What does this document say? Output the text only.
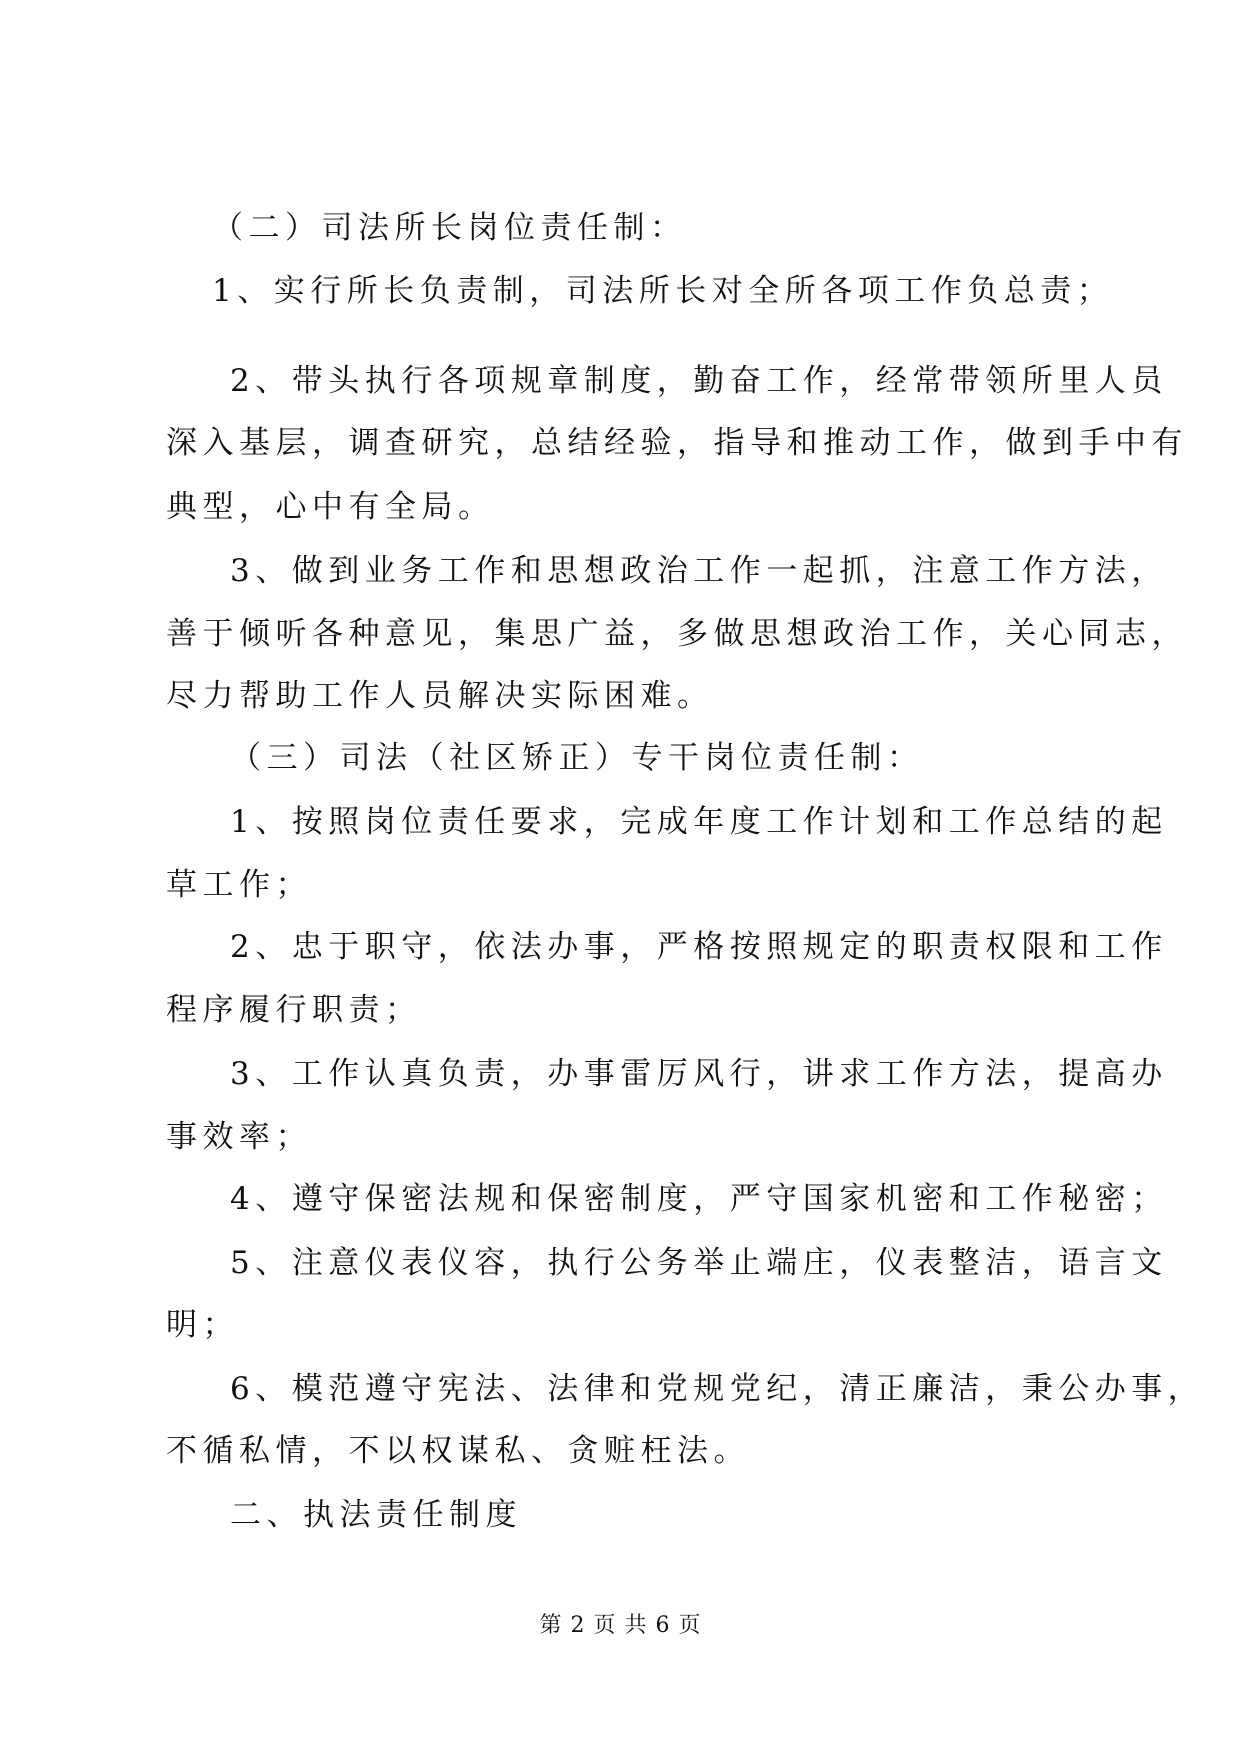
（二）司法所长岗位责任制：
1、实行所长负责制，司法所长对全所各项工作负总责；
2、带头执行各项规章制度，勤奋工作，经常带领所里人员
深入基层，调查研究，总结经验，指导和推动工作，做到手中有
典型，心中有全局。
3、做到业务工作和思想政治工作一起抓，注意工作方法，
善于倾听各种意见，集思广益，多做思想政治工作，关心同志，
尽力帮助工作人员解决实际困难。
（三）司法（社区矫正）专干岗位责任制：
1、按照岗位责任要求，完成年度工作计划和工作总结的起
草工作；
2、忠于职守，依法办事，严格按照规定的职责权限和工作
程序履行职责；
3、工作认真负责，办事雷厉风行，讲求工作方法，提高办
事效率；
4、遵守保密法规和保密制度，严守国家机密和工作秘密；
5、注意仪表仪容，执行公务举止端庄，仪表整洁，语言文
明；
6、模范遵守宪法、法律和党规党纪，清正廉洁，秉公办事，
不循私情，不以权谋私、贪赃枉法。
二、执法责任制度
第 2 页 共 6 页
